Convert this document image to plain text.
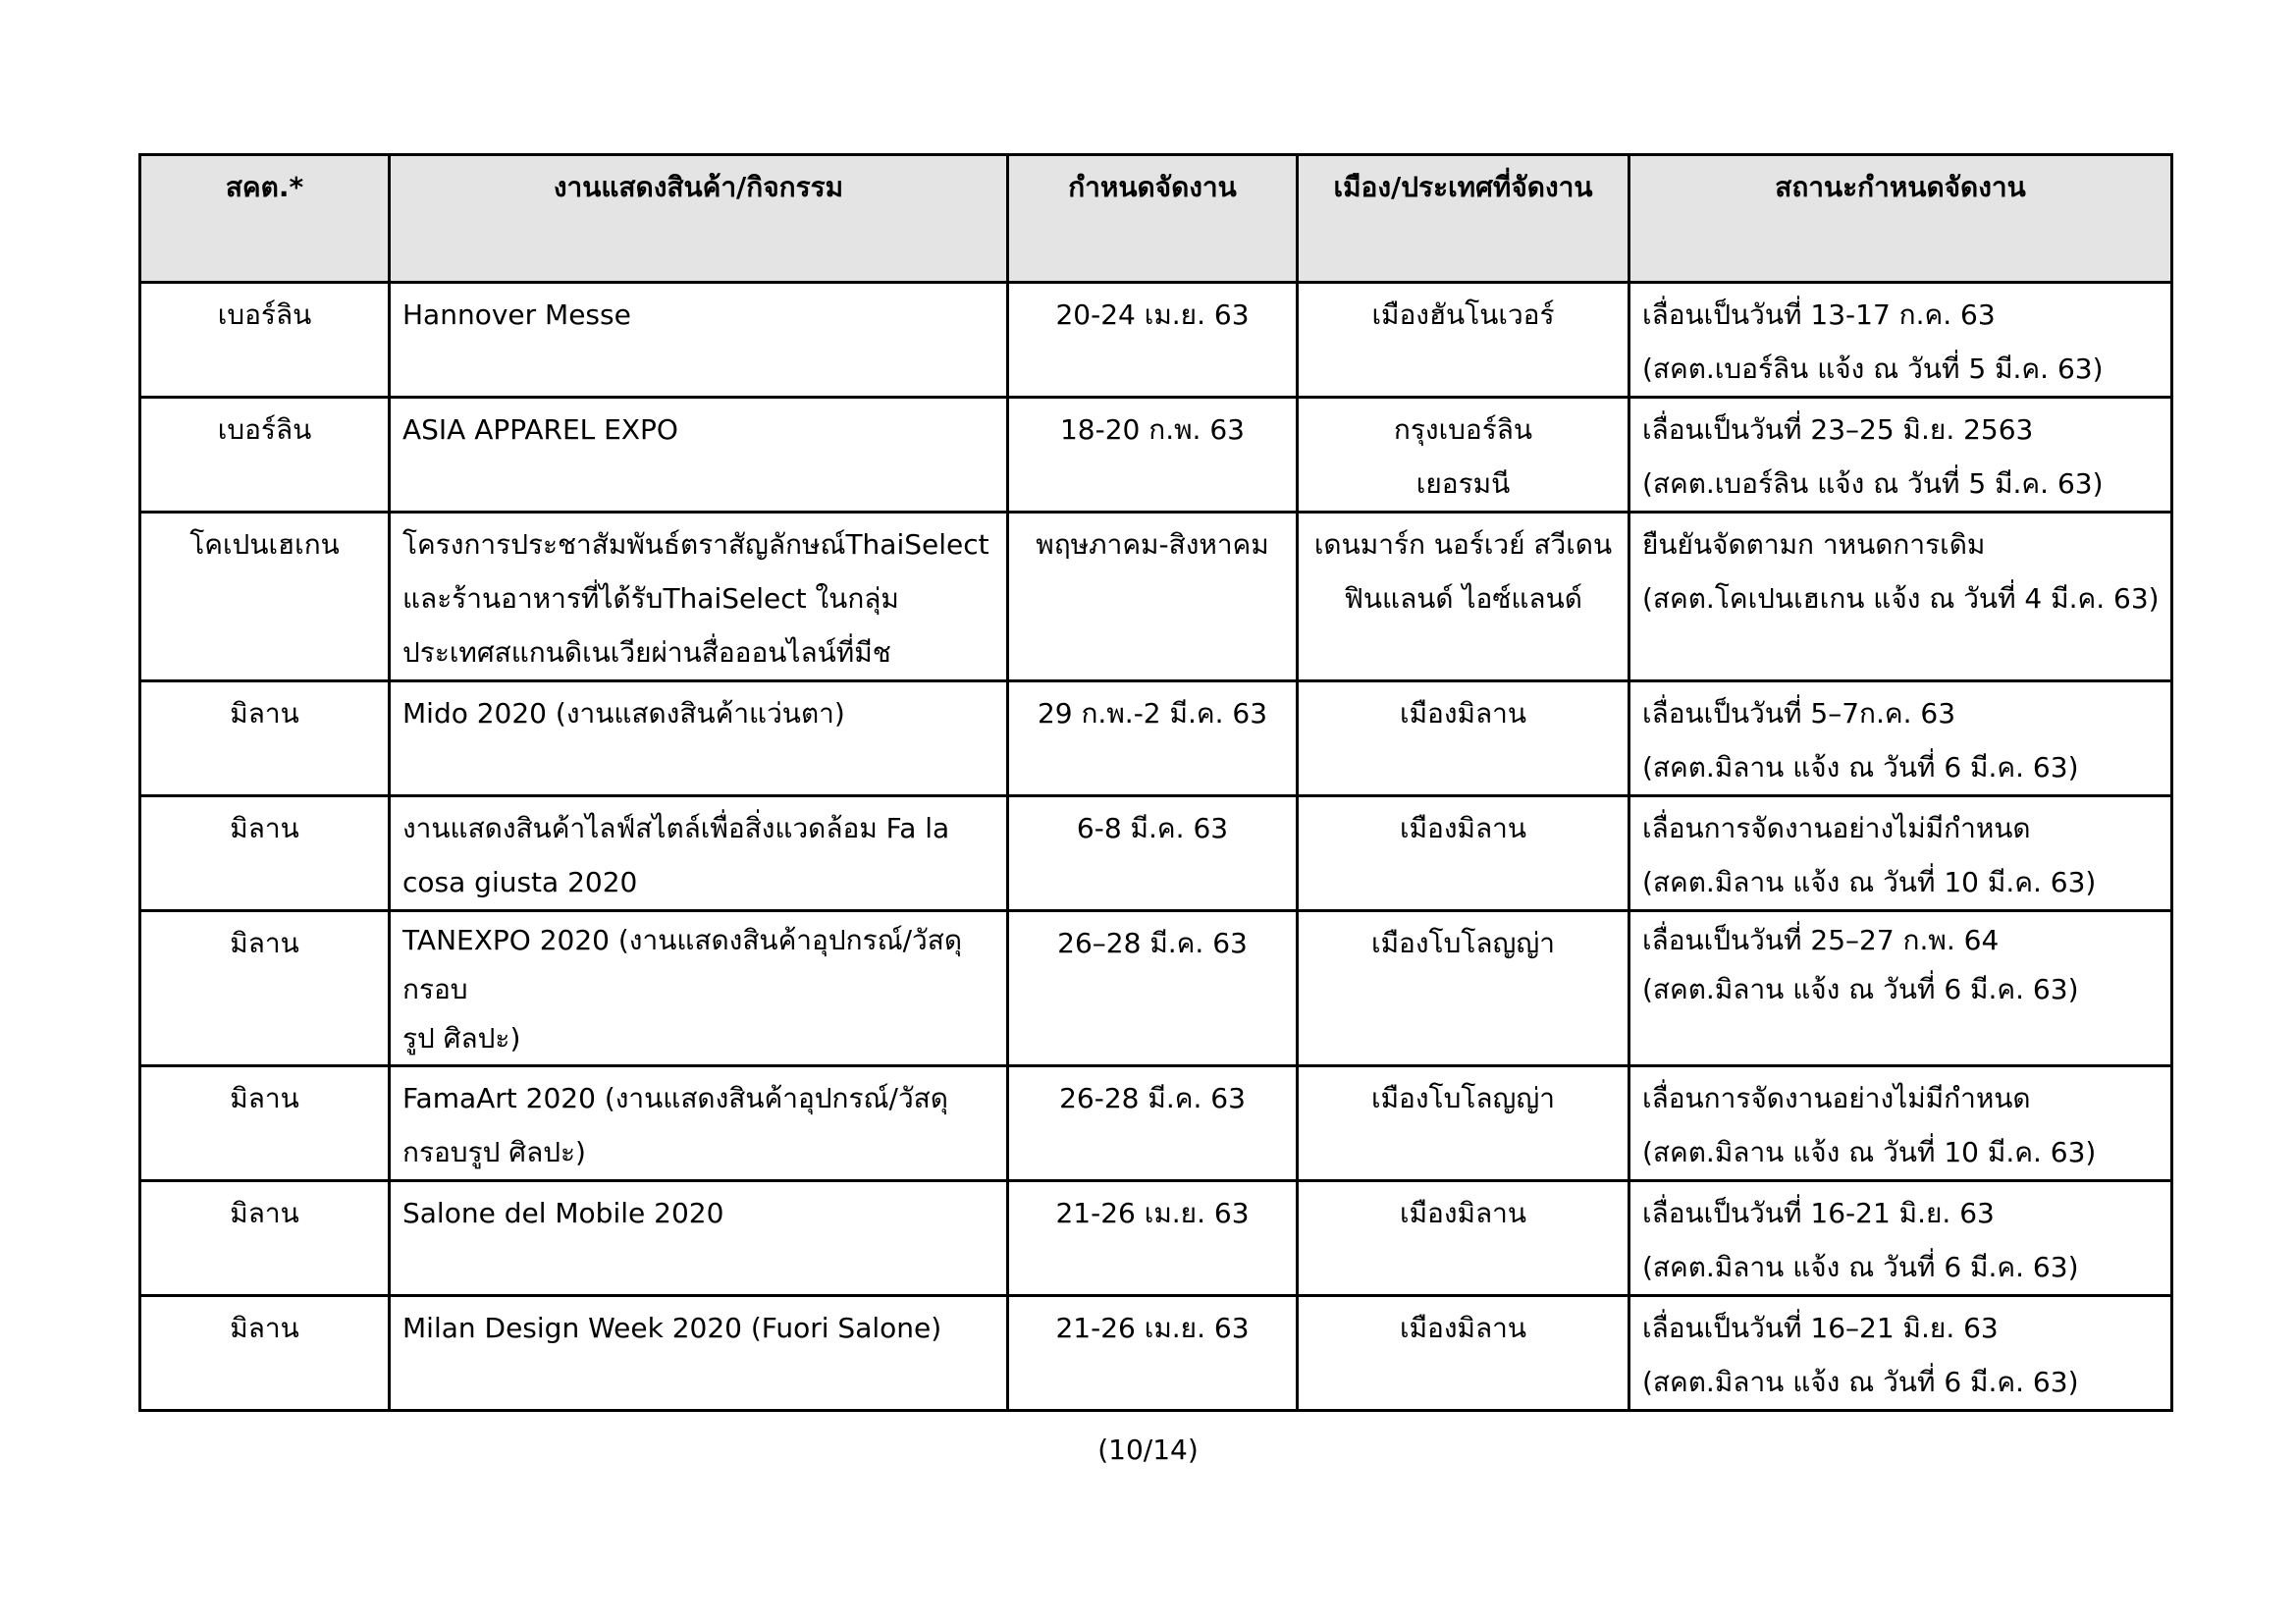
สคต.*	งานแสดงสินค้า/กิจกรรม	กำหนดจัดงาน	เมือง/ประเทศที่จัดงาน	สถานะกำหนดจัดงาน
เบอร์ลิน	Hannover Messe	20-24 เม.ย. 63	เมืองฮันโนเวอร์	เลื่อนเป็นวันที่ 13-17 ก.ค. 63
(สคต.เบอร์ลิน แจ้ง ณ วันที่ 5 มี.ค. 63)

เบอร์ลิน	ASIA APPAREL EXPO	18-20 ก.พ. 63	กรุงเบอร์ลิน
เยอรมนี	เลื่อนเป็นวันที่ 23–25 มิ.ย. 2563
(สคต.เบอร์ลิน แจ้ง ณ วันที่ 5 มี.ค. 63)

โคเปนเฮเกน	โครงการประชาสัมพันธ์ตราสัญลักษณ์ThaiSelect
และร้านอาหารที่ได้รับThaiSelect ในกลุ่ม
ประเทศสแกนดิเนเวียผ่านสื่อออนไลน์ที่มีช	พฤษภาคม-สิงหาคม	เดนมาร์ก นอร์เวย์ สวีเดน
ฟินแลนด์ ไอซ์แลนด์	ยืนยันจัดตามก าหนดการเดิม
(สคต.โคเปนเฮเกน แจ้ง ณ วันที่ 4 มี.ค. 63)

มิลาน	Mido 2020 (งานแสดงสินค้าแว่นตา)	29 ก.พ.-2 มี.ค. 63	เมืองมิลาน	เลื่อนเป็นวันที่ 5–7ก.ค. 63
(สคต.มิลาน แจ้ง ณ วันที่ 6 มี.ค. 63)

มิลาน	งานแสดงสินค้าไลฟ์สไตล์เพื่อสิ่งแวดล้อม Fa la
cosa giusta 2020	6-8 มี.ค. 63	เมืองมิลาน	เลื่อนการจัดงานอย่างไม่มีกำหนด
(สคต.มิลาน แจ้ง ณ วันที่ 10 มี.ค. 63)

มิลาน	TANEXPO 2020 (งานแสดงสินค้าอุปกรณ์/วัสดุกรอบ
รูป ศิลปะ)	26–28 มี.ค. 63	เมืองโบโลญญ่า	เลื่อนเป็นวันที่ 25–27 ก.พ. 64
(สคต.มิลาน แจ้ง ณ วันที่ 6 มี.ค. 63)

มิลาน	FamaArt 2020 (งานแสดงสินค้าอุปกรณ์/วัสดุ
กรอบรูป ศิลปะ)	26-28 มี.ค. 63	เมืองโบโลญญ่า	เลื่อนการจัดงานอย่างไม่มีกำหนด
(สคต.มิลาน แจ้ง ณ วันที่ 10 มี.ค. 63)

มิลาน	Salone del Mobile 2020	21-26 เม.ย. 63	เมืองมิลาน	เลื่อนเป็นวันที่ 16-21 มิ.ย. 63
(สคต.มิลาน แจ้ง ณ วันที่ 6 มี.ค. 63)

มิลาน	Milan Design Week 2020 (Fuori Salone)	21-26 เม.ย. 63	เมืองมิลาน	เลื่อนเป็นวันที่ 16–21 มิ.ย. 63
(สคต.มิลาน แจ้ง ณ วันที่ 6 มี.ค. 63)
(10/14)
